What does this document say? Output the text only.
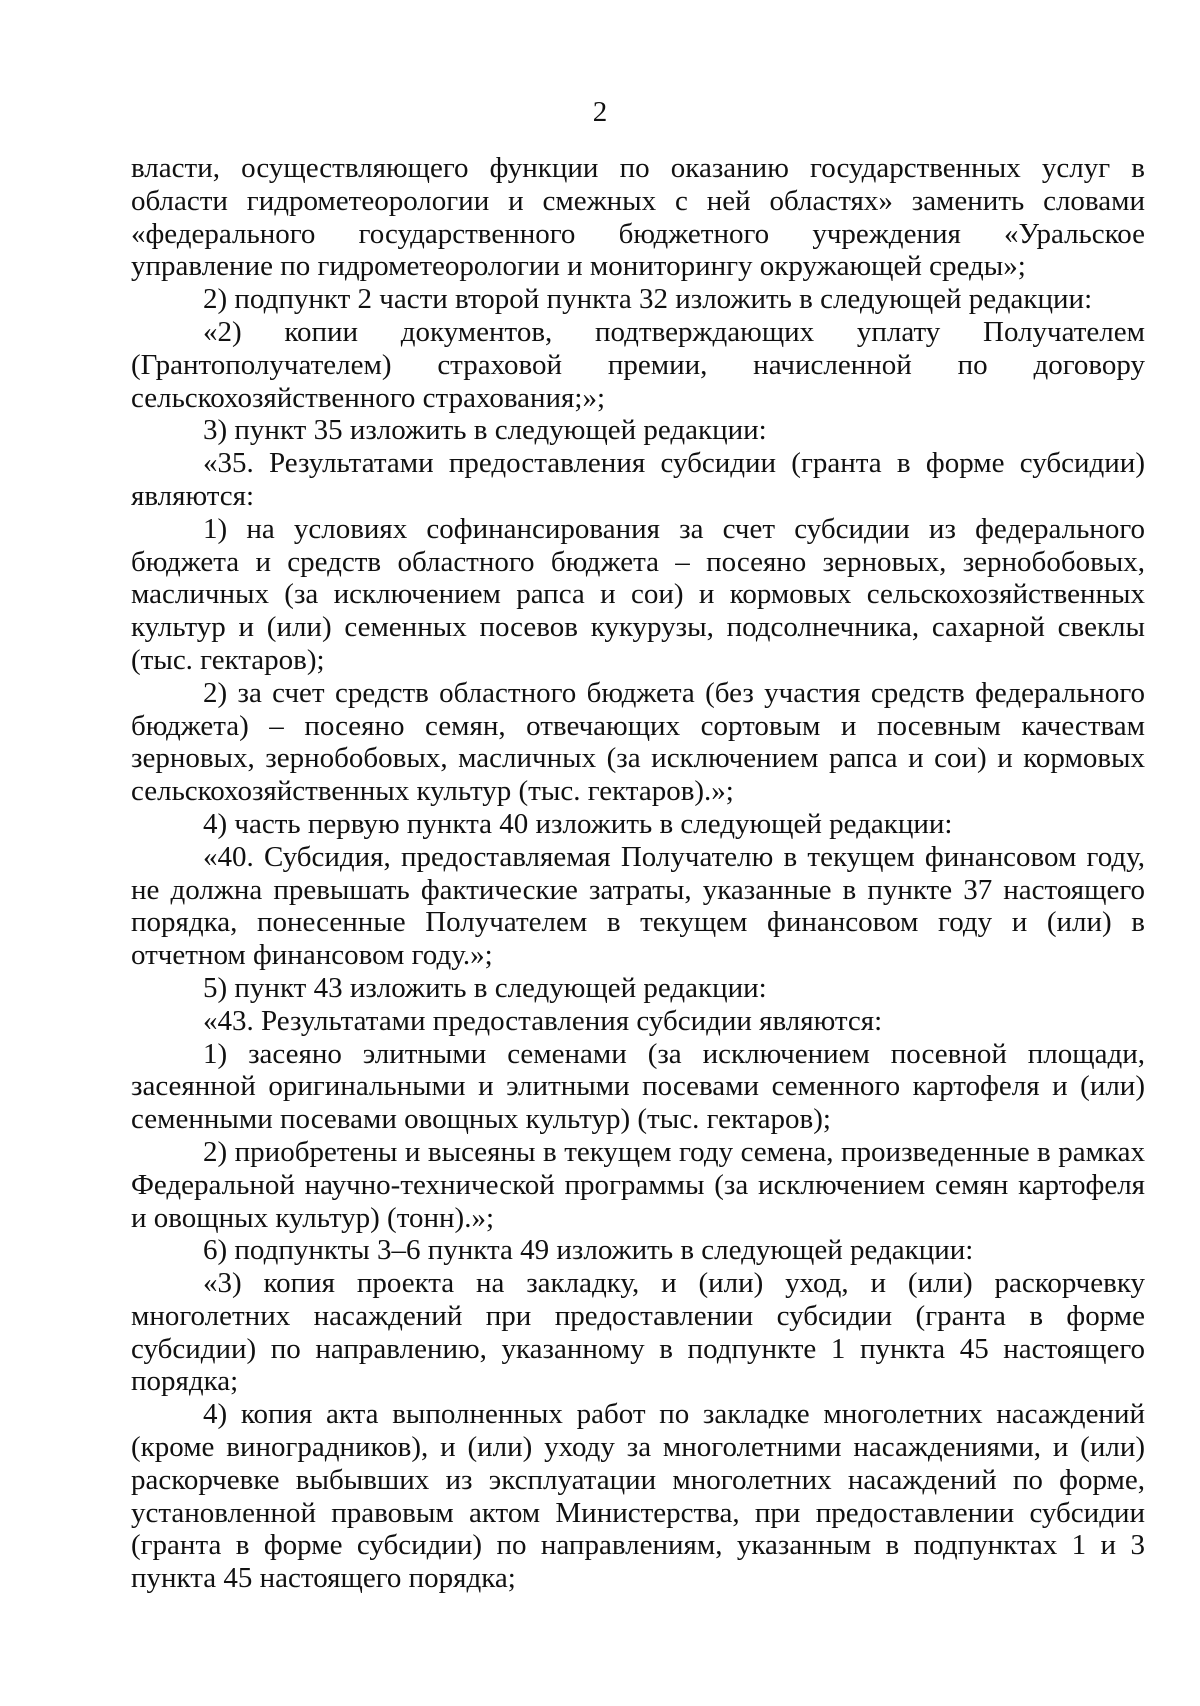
2

власти, осуществляющего функции по оказанию государственных услуг в области гидрометеорологии и смежных с ней областях» заменить словами «федерального государственного бюджетного учреждения «Уральское управление по гидрометеорологии и мониторингу окружающей среды»;

2) подпункт 2 части второй пункта 32 изложить в следующей редакции:

«2) копии документов, подтверждающих уплату Получателем (Грантополучателем) страховой премии, начисленной по договору сельскохозяйственного страхования;»;

3) пункт 35 изложить в следующей редакции:

«35. Результатами предоставления субсидии (гранта в форме субсидии) являются:

1) на условиях софинансирования за счет субсидии из федерального бюджета и средств областного бюджета – посеяно зерновых, зернобобовых, масличных (за исключением рапса и сои) и кормовых сельскохозяйственных культур и (или) семенных посевов кукурузы, подсолнечника, сахарной свеклы (тыс. гектаров);

2) за счет средств областного бюджета (без участия средств федерального бюджета) – посеяно семян, отвечающих сортовым и посевным качествам зерновых, зернобобовых, масличных (за исключением рапса и сои) и кормовых сельскохозяйственных культур (тыс. гектаров).»;

4) часть первую пункта 40 изложить в следующей редакции:

«40. Субсидия, предоставляемая Получателю в текущем финансовом году, не должна превышать фактические затраты, указанные в пункте 37 настоящего порядка, понесенные Получателем в текущем финансовом году и (или) в отчетном финансовом году.»;

5) пункт 43 изложить в следующей редакции:

«43. Результатами предоставления субсидии являются:

1) засеяно элитными семенами (за исключением посевной площади, засеянной оригинальными и элитными посевами семенного картофеля и (или) семенными посевами овощных культур) (тыс. гектаров);

2) приобретены и высеяны в текущем году семена, произведенные в рамках Федеральной научно-технической программы (за исключением семян картофеля и овощных культур) (тонн).»;

6) подпункты 3–6 пункта 49 изложить в следующей редакции:

«3) копия проекта на закладку, и (или) уход, и (или) раскорчевку многолетних насаждений при предоставлении субсидии (гранта в форме субсидии) по направлению, указанному в подпункте 1 пункта 45 настоящего порядка;

4) копия акта выполненных работ по закладке многолетних насаждений (кроме виноградников), и (или) уходу за многолетними насаждениями, и (или) раскорчевке выбывших из эксплуатации многолетних насаждений по форме, установленной правовым актом Министерства, при предоставлении субсидии (гранта в форме субсидии) по направлениям, указанным в подпунктах 1 и 3 пункта 45 настоящего порядка;
